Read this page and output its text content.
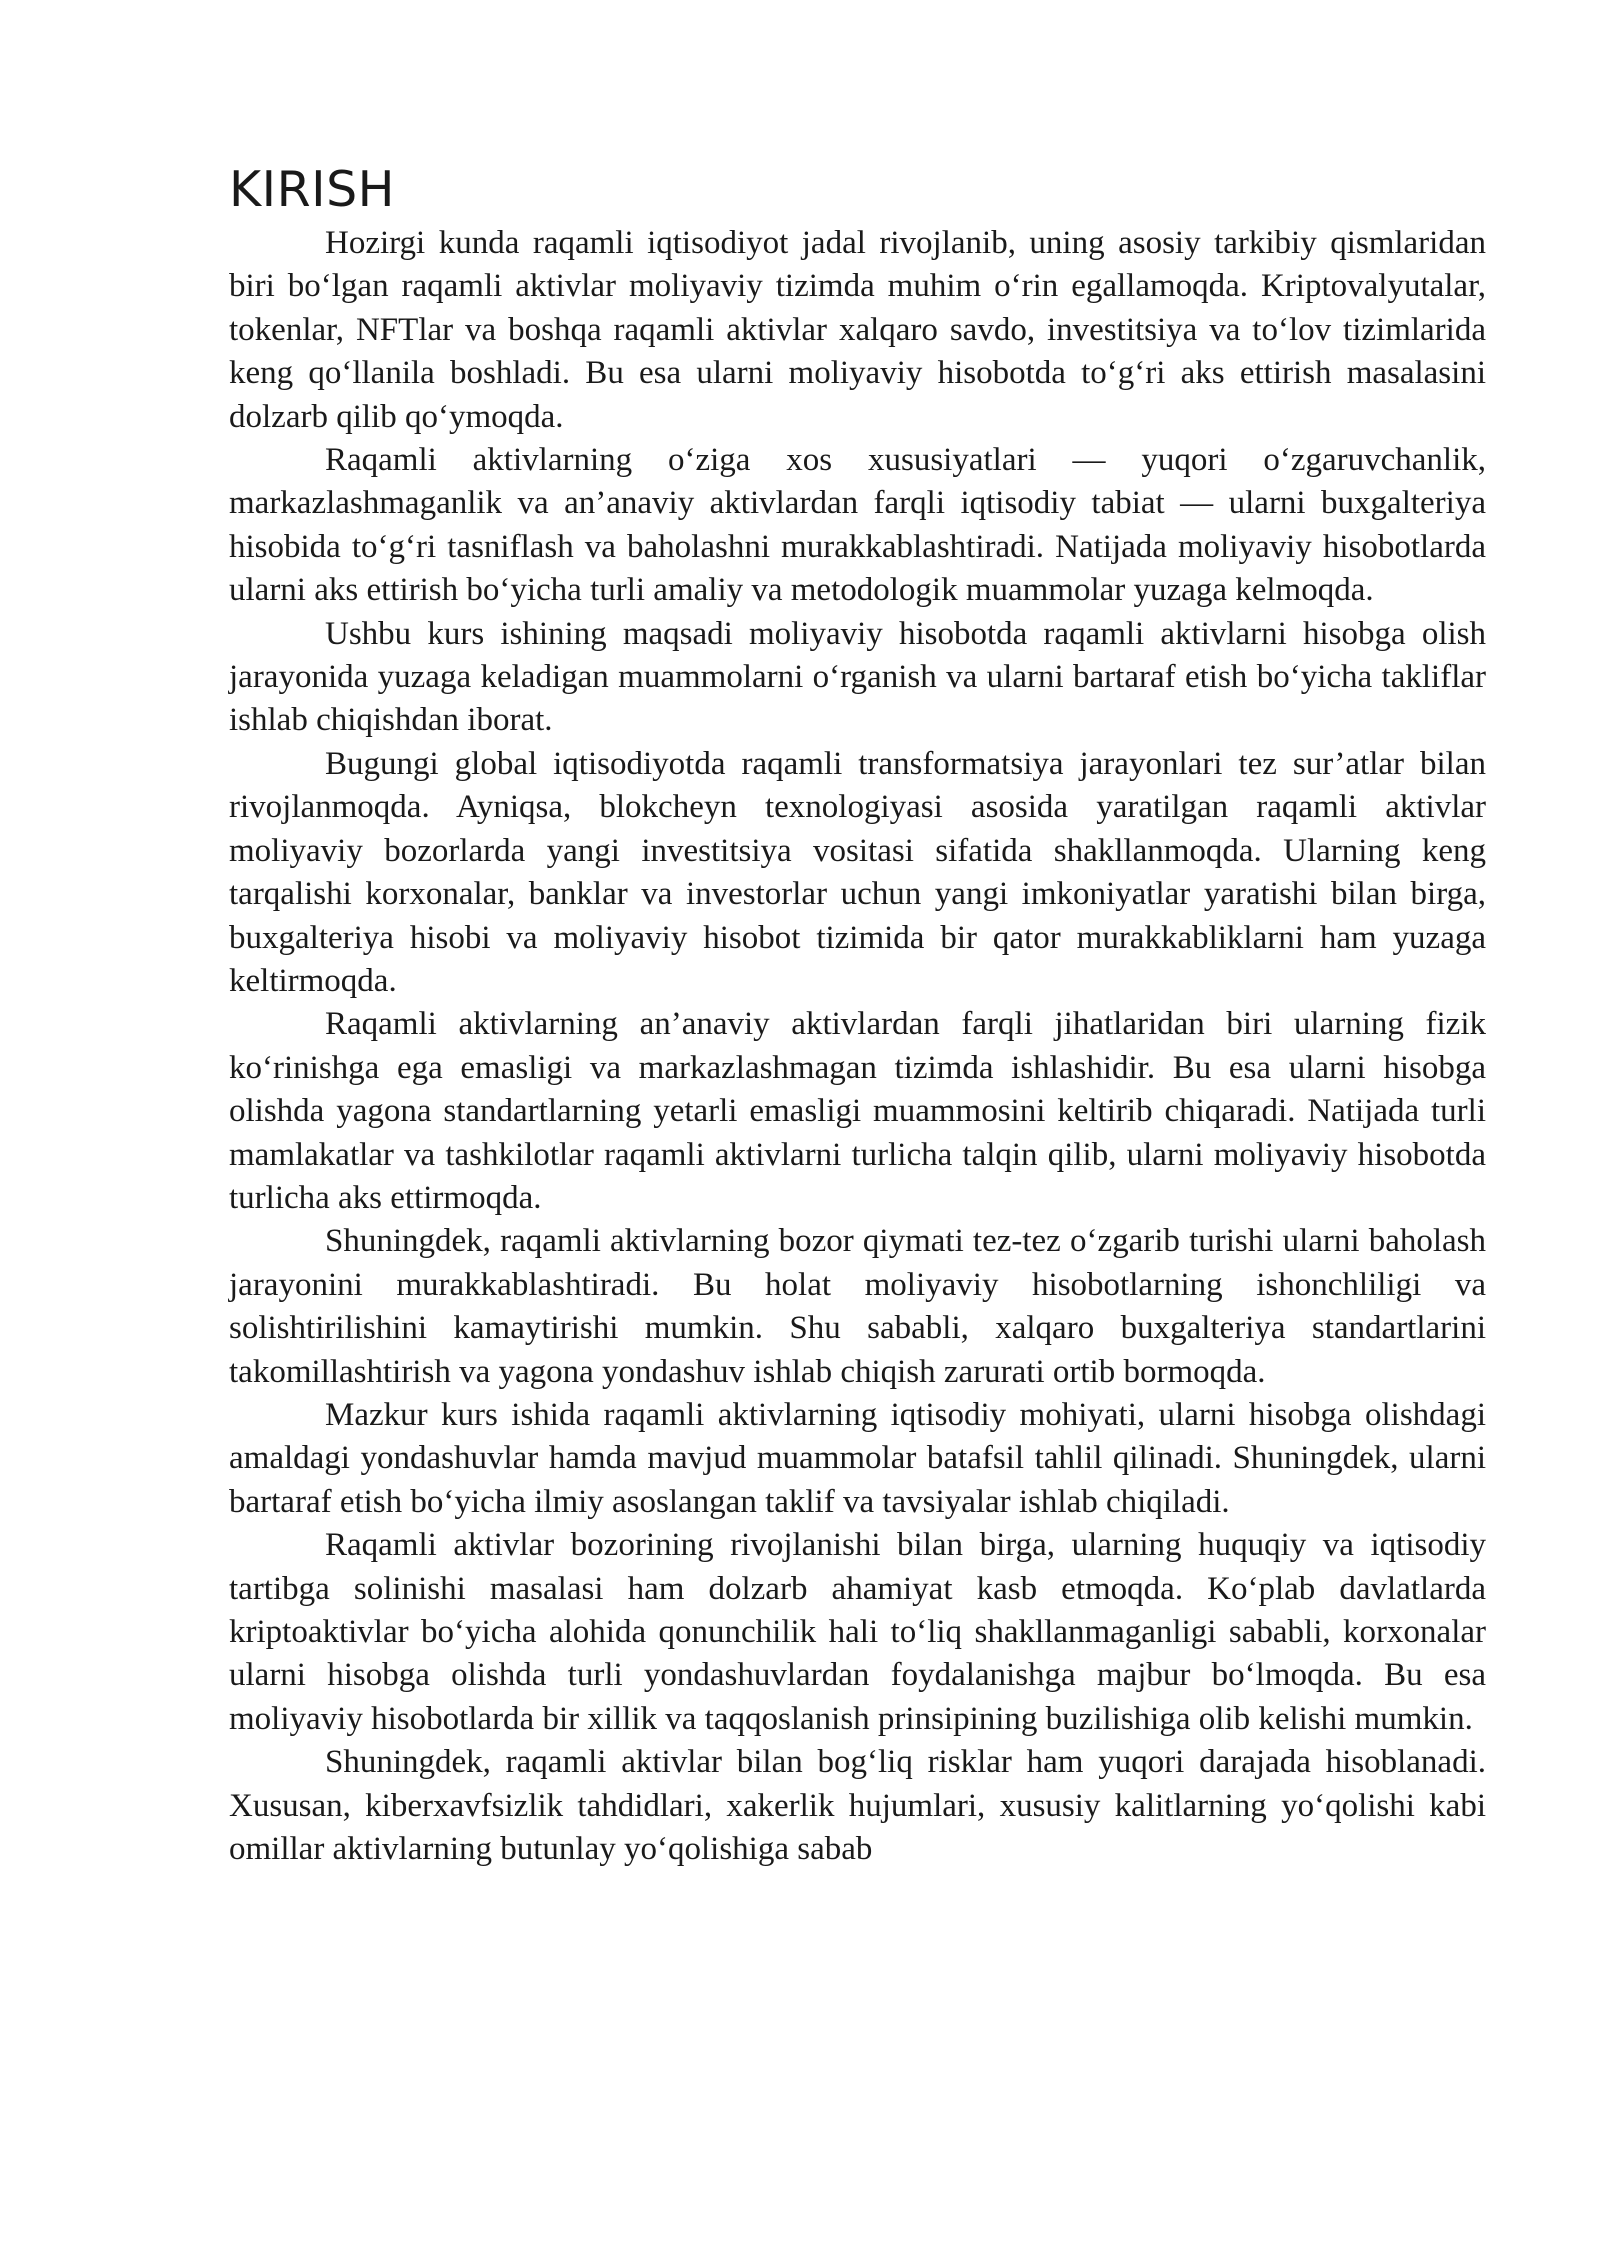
KIRISH

Hozirgi kunda raqamli iqtisodiyot jadal rivojlanib, uning asosiy tarkibiy qismlaridan biri bo‘lgan raqamli aktivlar moliyaviy tizimda muhim o‘rin egallamoqda. Kriptovalyutalar, tokenlar, NFTlar va boshqa raqamli aktivlar xalqaro savdo, investitsiya va to‘lov tizimlarida keng qo‘llanila boshladi. Bu esa ularni moliyaviy hisobotda to‘g‘ri aks ettirish masalasini dolzarb qilib qo‘ymoqda.

Raqamli aktivlarning o‘ziga xos xususiyatlari — yuqori o‘zgaruvchanlik, markazlashmaganlik va an’anaviy aktivlardan farqli iqtisodiy tabiat — ularni buxgalteriya hisobida to‘g‘ri tasniflash va baholashni murakkablashtiradi. Natijada moliyaviy hisobotlarda ularni aks ettirish bo‘yicha turli amaliy va metodologik muammolar yuzaga kelmoqda.

Ushbu kurs ishining maqsadi moliyaviy hisobotda raqamli aktivlarni hisobga olish jarayonida yuzaga keladigan muammolarni o‘rganish va ularni bartaraf etish bo‘yicha takliflar ishlab chiqishdan iborat.

Bugungi global iqtisodiyotda raqamli transformatsiya jarayonlari tez sur’atlar bilan rivojlanmoqda. Ayniqsa, blokcheyn texnologiyasi asosida yaratilgan raqamli aktivlar moliyaviy bozorlarda yangi investitsiya vositasi sifatida shakllanmoqda. Ularning keng tarqalishi korxonalar, banklar va investorlar uchun yangi imkoniyatlar yaratishi bilan birga, buxgalteriya hisobi va moliyaviy hisobot tizimida bir qator murakkabliklarni ham yuzaga keltirmoqda.

Raqamli aktivlarning an’anaviy aktivlardan farqli jihatlaridan biri ularning fizik ko‘rinishga ega emasligi va markazlashmagan tizimda ishlashidir. Bu esa ularni hisobga olishda yagona standartlarning yetarli emasligi muammosini keltirib chiqaradi. Natijada turli mamlakatlar va tashkilotlar raqamli aktivlarni turlicha talqin qilib, ularni moliyaviy hisobotda turlicha aks ettirmoqda.

Shuningdek, raqamli aktivlarning bozor qiymati tez-tez o‘zgarib turishi ularni baholash jarayonini murakkablashtiradi. Bu holat moliyaviy hisobotlarning ishonchliligi va solishtirilishini kamaytirishi mumkin. Shu sababli, xalqaro buxgalteriya standartlarini takomillashtirish va yagona yondashuv ishlab chiqish zarurati ortib bormoqda.

Mazkur kurs ishida raqamli aktivlarning iqtisodiy mohiyati, ularni hisobga olishdagi amaldagi yondashuvlar hamda mavjud muammolar batafsil tahlil qilinadi. Shuningdek, ularni bartaraf etish bo‘yicha ilmiy asoslangan taklif va tavsiyalar ishlab chiqiladi.

Raqamli aktivlar bozorining rivojlanishi bilan birga, ularning huquqiy va iqtisodiy tartibga solinishi masalasi ham dolzarb ahamiyat kasb etmoqda. Ko‘plab davlatlarda kriptoaktivlar bo‘yicha alohida qonunchilik hali to‘liq shakllanmaganligi sababli, korxonalar ularni hisobga olishda turli yondashuvlardan foydalanishga majbur bo‘lmoqda. Bu esa moliyaviy hisobotlarda bir xillik va taqqoslanish prinsipining buzilishiga olib kelishi mumkin.

Shuningdek, raqamli aktivlar bilan bog‘liq risklar ham yuqori darajada hisoblanadi. Xususan, kiberxavfsizlik tahdidlari, xakerlik hujumlari, xususiy kalitlarning yo‘qolishi kabi omillar aktivlarning butunlay yo‘qolishiga sabab
